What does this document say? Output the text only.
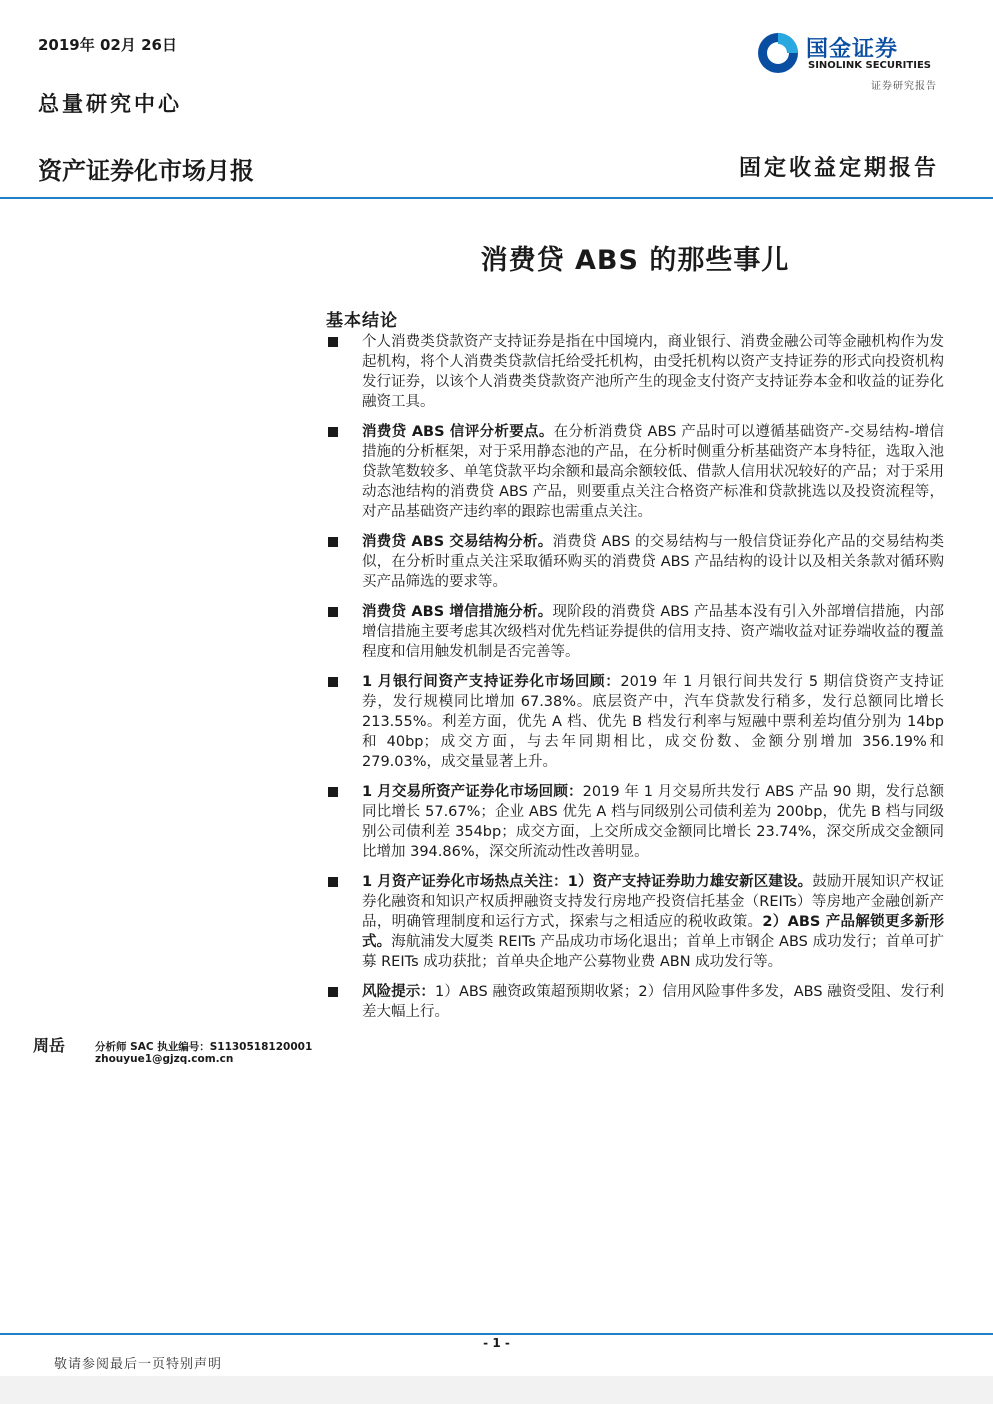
2019年 02月 26日
总量研究中心
国金证券
SINOLINK SECURITIES
证券研究报告
资产证券化市场月报	固定收益定期报告
消费贷 ABS 的那些事儿
基本结论
个人消费类贷款资产支持证券是指在中国境内，商业银行、消费金融公司等金融机构作为发起机构，将个人消费类贷款信托给受托机构，由受托机构以资产支持证券的形式向投资机构发行证券，以该个人消费类贷款资产池所产生的现金支付资产支持证券本金和收益的证券化融资工具。
消费贷 ABS 信评分析要点。在分析消费贷 ABS 产品时可以遵循基础资产-交易结构-增信措施的分析框架，对于采用静态池的产品，在分析时侧重分析基础资产本身特征，选取入池贷款笔数较多、单笔贷款平均余额和最高余额较低、借款人信用状况较好的产品；对于采用动态池结构的消费贷 ABS 产品，则要重点关注合格资产标准和贷款挑选以及投资流程等，对产品基础资产违约率的跟踪也需重点关注。
消费贷 ABS 交易结构分析。消费贷 ABS 的交易结构与一般信贷证券化产品的交易结构类似，在分析时重点关注采取循环购买的消费贷 ABS 产品结构的设计以及相关条款对循环购买产品筛选的要求等。
消费贷 ABS 增信措施分析。现阶段的消费贷 ABS 产品基本没有引入外部增信措施，内部增信措施主要考虑其次级档对优先档证券提供的信用支持、资产端收益对证券端收益的覆盖程度和信用触发机制是否完善等。
1 月银行间资产支持证券化市场回顾：2019 年 1 月银行间共发行 5 期信贷资产支持证券，发行规模同比增加 67.38%。底层资产中，汽车贷款发行稍多，发行总额同比增长 213.55%。利差方面，优先 A 档、优先 B 档发行利率与短融中票利差均值分别为 14bp 和 40bp；成交方面，与去年同期相比，成交份数、金额分别增加 356.19%和 279.03%，成交量显著上升。
1 月交易所资产证券化市场回顾：2019 年 1 月交易所共发行 ABS 产品 90 期，发行总额同比增长 57.67%；企业 ABS 优先 A 档与同级别公司债利差为 200bp，优先 B 档与同级别公司债利差 354bp；成交方面，上交所成交金额同比增长 23.74%，深交所成交金额同比增加 394.86%，深交所流动性改善明显。
1 月资产证券化市场热点关注：1）资产支持证券助力雄安新区建设。鼓励开展知识产权证券化融资和知识产权质押融资支持发行房地产投资信托基金（REITs）等房地产金融创新产品，明确管理制度和运行方式，探索与之相适应的税收政策。2）ABS 产品解锁更多新形式。海航浦发大厦类 REITs 产品成功市场化退出；首单上市钢企 ABS 成功发行；首单可扩募 REITs 成功获批；首单央企地产公募物业费 ABN 成功发行等。
风险提示：1）ABS 融资政策超预期收紧；2）信用风险事件多发，ABS 融资受阻、发行利差大幅上行。
周岳	分析师 SAC 执业编号：S1130518120001
zhouyue1@gjzq.com.cn
- 1 -
敬请参阅最后一页特别声明
